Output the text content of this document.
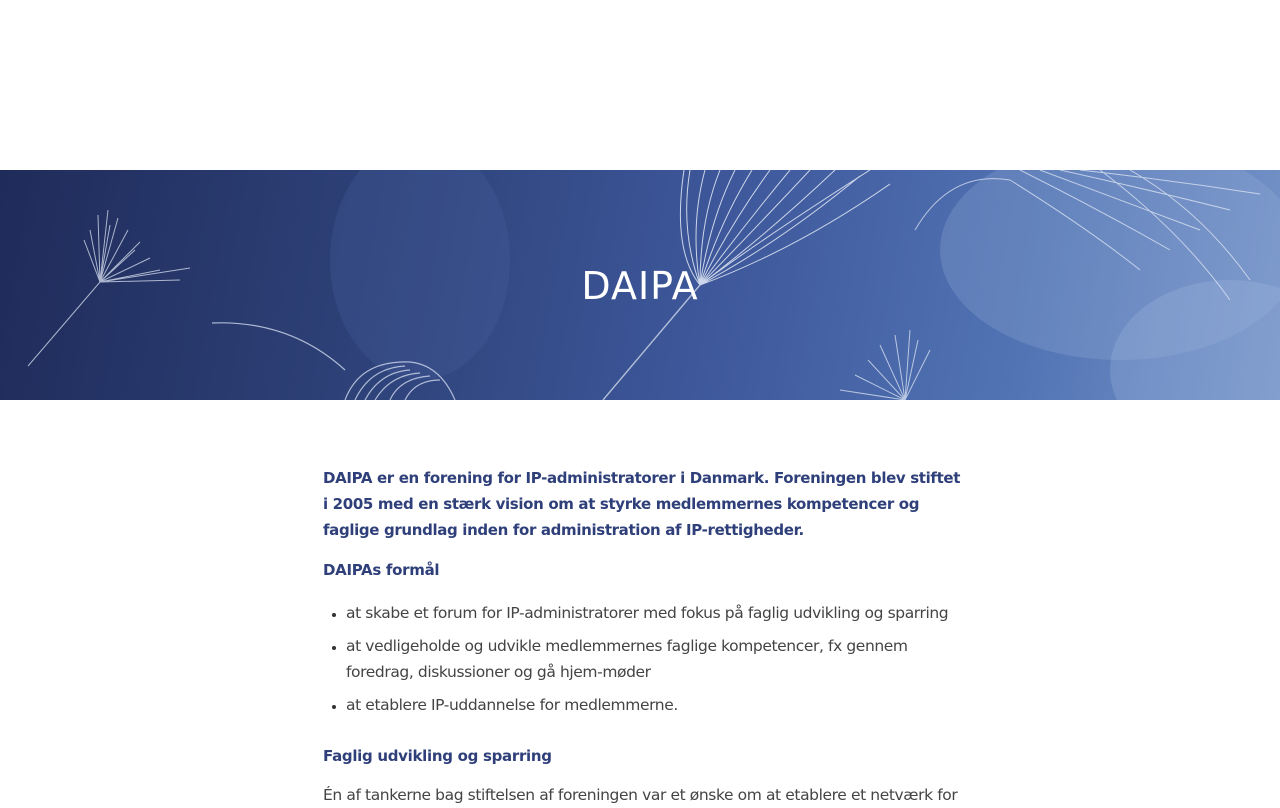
DAIPA

DAIPA er en forening for IP-administratorer i Danmark. Foreningen blev stiftet i 2005 med en stærk vision om at styrke medlemmernes kompetencer og faglige grundlag inden for administration af IP-rettigheder.

DAIPAs formål
• at skabe et forum for IP-administratorer med fokus på faglig udvikling og sparring
• at vedligeholde og udvikle medlemmernes faglige kompetencer, fx gennem foredrag, diskussioner og gå hjem-møder
• at etablere IP-uddannelse for medlemmerne.
Faglig udvikling og sparring

Én af tankerne bag stiftelsen af foreningen var et ønske om at etablere et netværk for
